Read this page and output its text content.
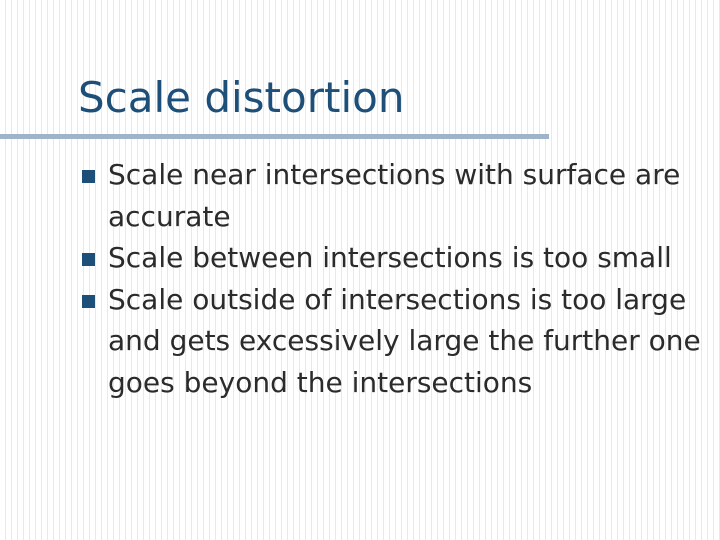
Scale distortion
Scale near intersections with surface are accurate
Scale between intersections is too small
Scale outside of intersections is too large and gets excessively large the further one goes beyond the intersections
